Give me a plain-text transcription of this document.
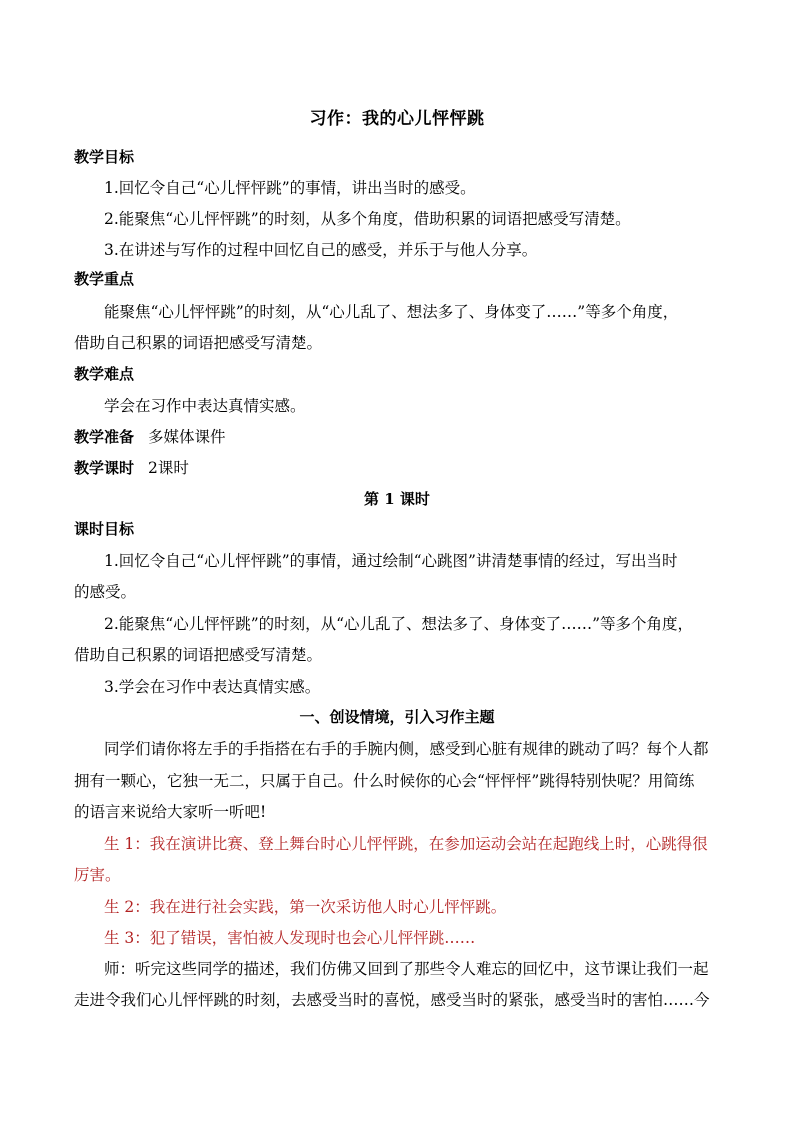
习作：我的心儿怦怦跳
教学目标
1.回忆令自己“心儿怦怦跳”的事情，讲出当时的感受。
2.能聚焦“心儿怦怦跳”的时刻，从多个角度，借助积累的词语把感受写清楚。
3.在讲述与写作的过程中回忆自己的感受，并乐于与他人分享。
教学重点
能聚焦“心儿怦怦跳”的时刻，从“心儿乱了、想法多了、身体变了……”等多个角度，
借助自己积累的词语把感受写清楚。
教学难点
学会在习作中表达真情实感。
教学准备 多媒体课件
教学课时 2课时
第 1 课时
课时目标
1.回忆令自己“心儿怦怦跳”的事情，通过绘制“心跳图”讲清楚事情的经过，写出当时
的感受。
2.能聚焦“心儿怦怦跳”的时刻，从“心儿乱了、想法多了、身体变了……”等多个角度，
借助自己积累的词语把感受写清楚。
3.学会在习作中表达真情实感。
一、创设情境，引入习作主题
同学们请你将左手的手指搭在右手的手腕内侧，感受到心脏有规律的跳动了吗？每个人都
拥有一颗心，它独一无二，只属于自己。什么时候你的心会“怦怦怦”跳得特别快呢？用简练
的语言来说给大家听一听吧!
生 1：我在演讲比赛、登上舞台时心儿怦怦跳，在参加运动会站在起跑线上时，心跳得很
厉害。
生 2：我在进行社会实践，第一次采访他人时心儿怦怦跳。
生 3：犯了错误，害怕被人发现时也会心儿怦怦跳……
师：听完这些同学的描述，我们仿佛又回到了那些令人难忘的回忆中，这节课让我们一起
走进令我们心儿怦怦跳的时刻，去感受当时的喜悦，感受当时的紧张，感受当时的害怕……今
